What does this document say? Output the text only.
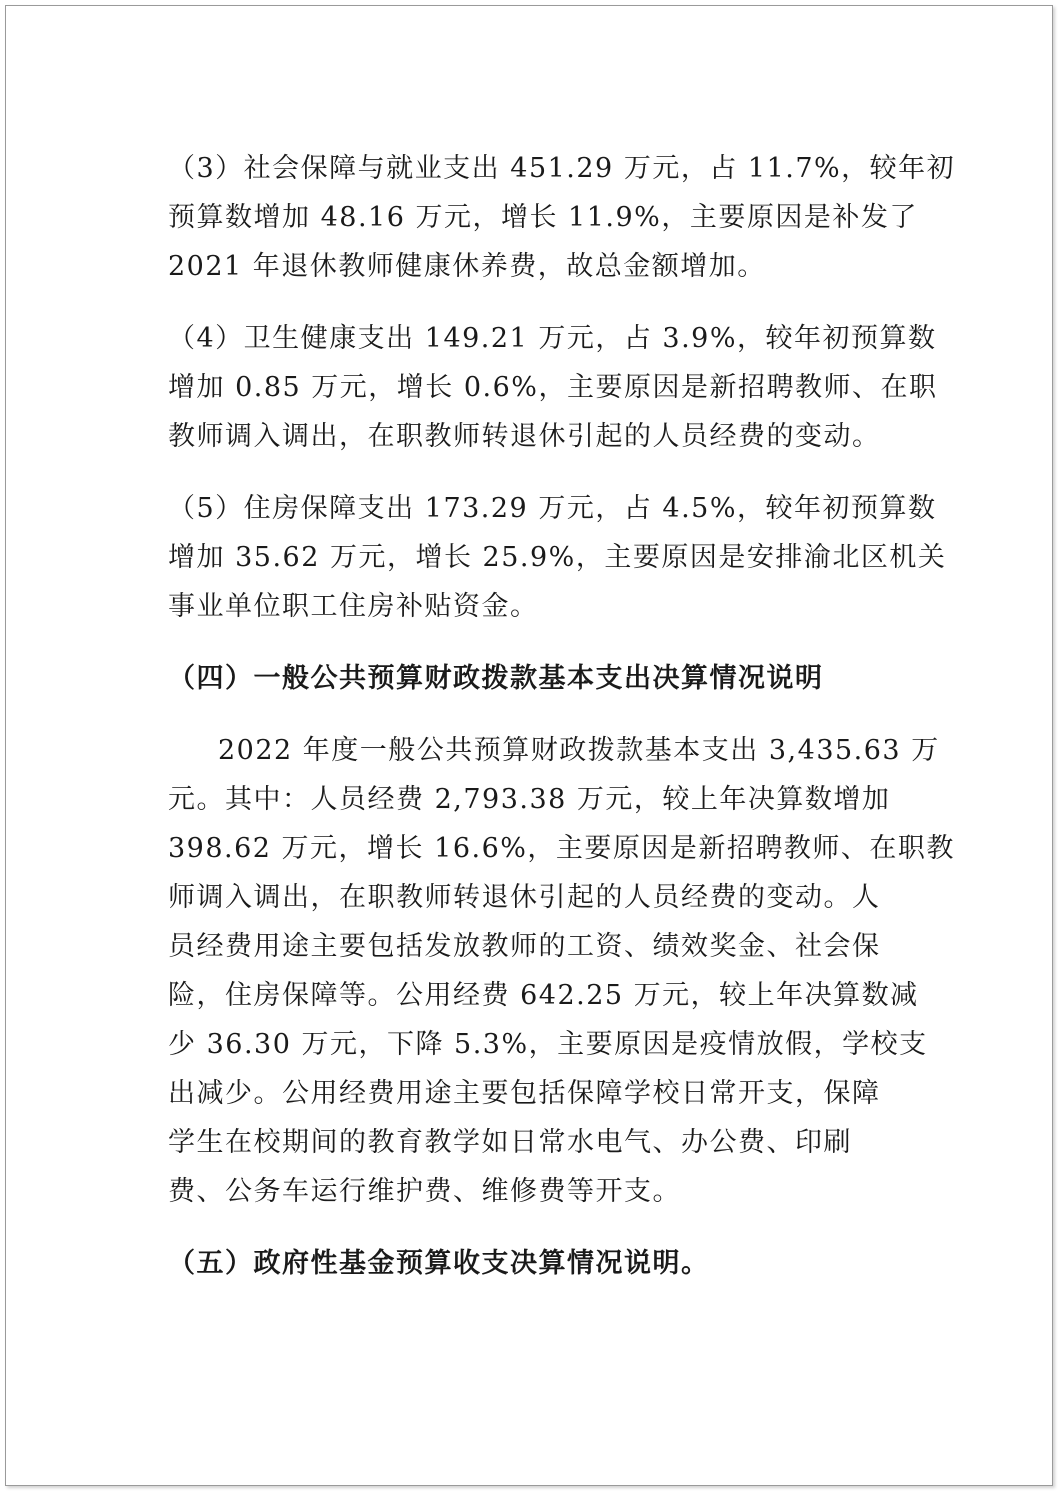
（3）社会保障与就业支出 451.29 万元，占 11.7%，较年初
预算数增加 48.16 万元，增长 11.9%，主要原因是补发了
2021 年退休教师健康休养费，故总金额增加。

（4）卫生健康支出 149.21 万元，占 3.9%，较年初预算数
增加 0.85 万元，增长 0.6%，主要原因是新招聘教师、在职
教师调入调出，在职教师转退休引起的人员经费的变动。

（5）住房保障支出 173.29 万元，占 4.5%，较年初预算数
增加 35.62 万元，增长 25.9%，主要原因是安排渝北区机关
事业单位职工住房补贴资金。

（四）一般公共预算财政拨款基本支出决算情况说明

2022 年度一般公共预算财政拨款基本支出 3,435.63 万
元。其中：人员经费 2,793.38 万元，较上年决算数增加
398.62 万元，增长 16.6%，主要原因是新招聘教师、在职教
师调入调出，在职教师转退休引起的人员经费的变动。人
员经费用途主要包括发放教师的工资、绩效奖金、社会保
险，住房保障等。公用经费 642.25 万元，较上年决算数减
少 36.30 万元，下降 5.3%，主要原因是疫情放假，学校支
出减少。公用经费用途主要包括保障学校日常开支，保障
学生在校期间的教育教学如日常水电气、办公费、印刷
费、公务车运行维护费、维修费等开支。

（五）政府性基金预算收支决算情况说明。
